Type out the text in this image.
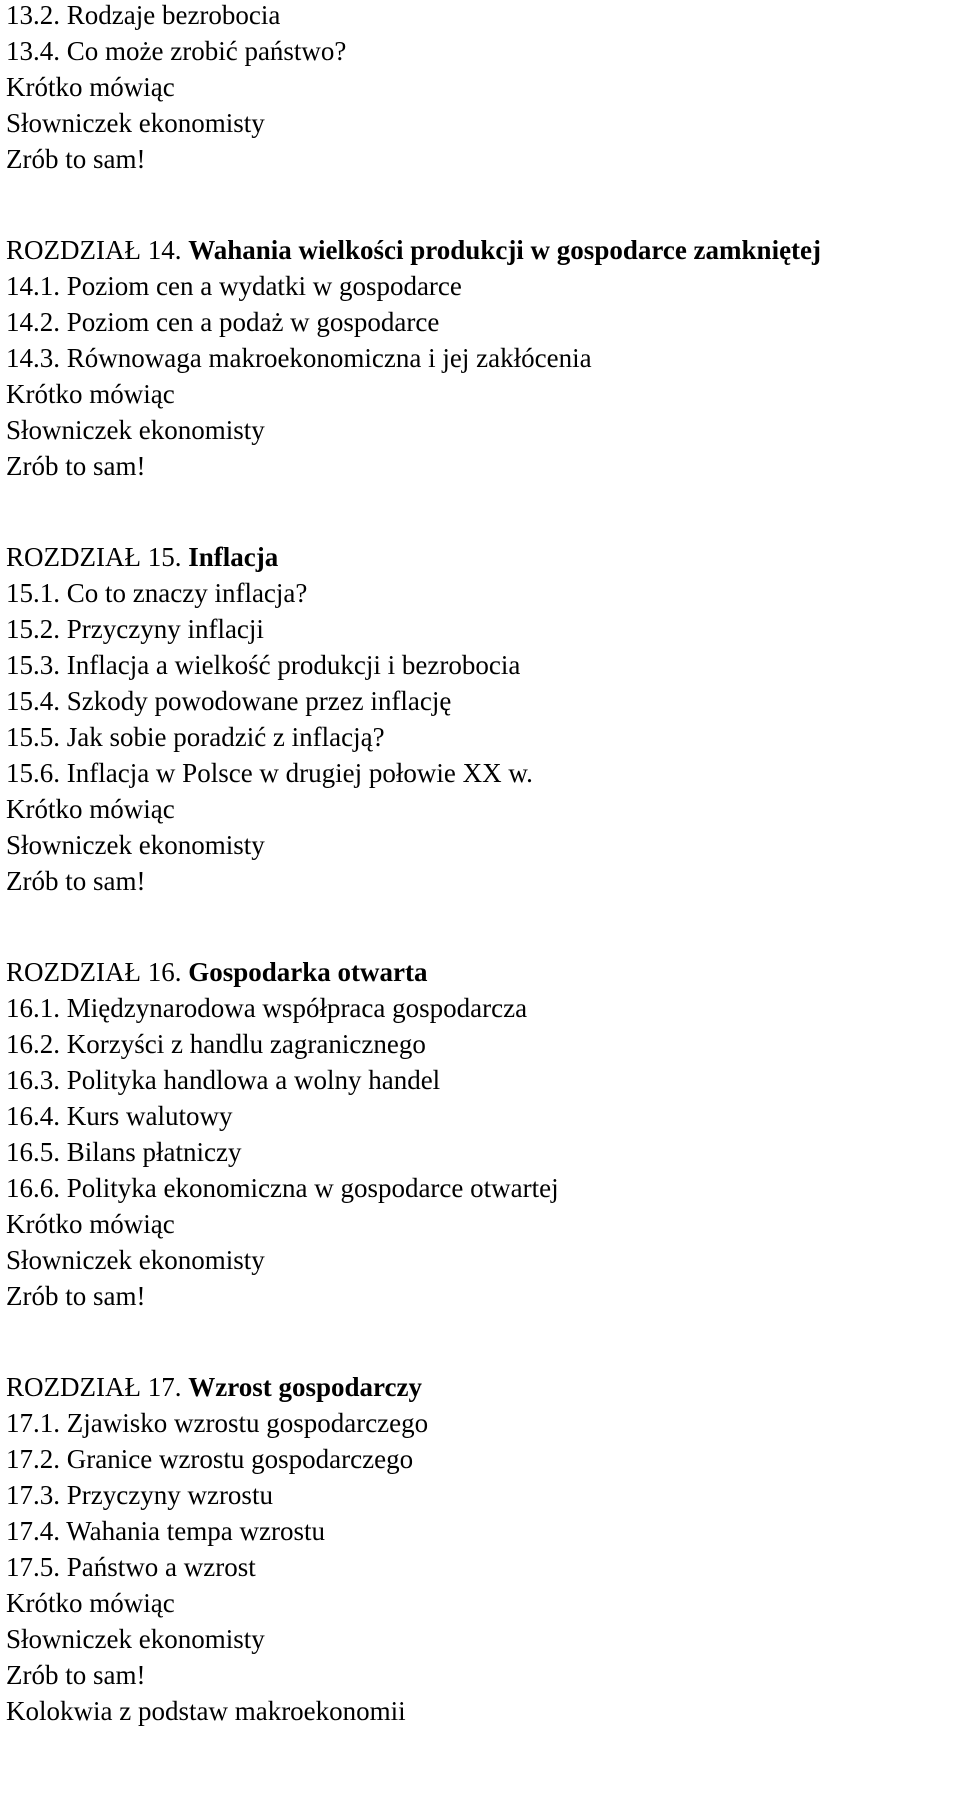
13.2. Rodzaje bezrobocia
13.4. Co może zrobić państwo?
Krótko mówiąc
Słowniczek ekonomisty
Zrób to sam!
ROZDZIAŁ 14. Wahania wielkości produkcji w gospodarce zamkniętej
14.1. Poziom cen a wydatki w gospodarce
14.2. Poziom cen a podaż w gospodarce
14.3. Równowaga makroekonomiczna i jej zakłócenia
Krótko mówiąc
Słowniczek ekonomisty
Zrób to sam!
ROZDZIAŁ 15. Inflacja
15.1. Co to znaczy inflacja?
15.2. Przyczyny inflacji
15.3. Inflacja a wielkość produkcji i bezrobocia
15.4. Szkody powodowane przez inflację
15.5. Jak sobie poradzić z inflacją?
15.6. Inflacja w Polsce w drugiej połowie XX w.
Krótko mówiąc
Słowniczek ekonomisty
Zrób to sam!
ROZDZIAŁ 16. Gospodarka otwarta
16.1. Międzynarodowa współpraca gospodarcza
16.2. Korzyści z handlu zagranicznego
16.3. Polityka handlowa a wolny handel
16.4. Kurs walutowy
16.5. Bilans płatniczy
16.6. Polityka ekonomiczna w gospodarce otwartej
Krótko mówiąc
Słowniczek ekonomisty
Zrób to sam!
ROZDZIAŁ 17. Wzrost gospodarczy
17.1. Zjawisko wzrostu gospodarczego
17.2. Granice wzrostu gospodarczego
17.3. Przyczyny wzrostu
17.4. Wahania tempa wzrostu
17.5. Państwo a wzrost
Krótko mówiąc
Słowniczek ekonomisty
Zrób to sam!
Kolokwia z podstaw makroekonomii
